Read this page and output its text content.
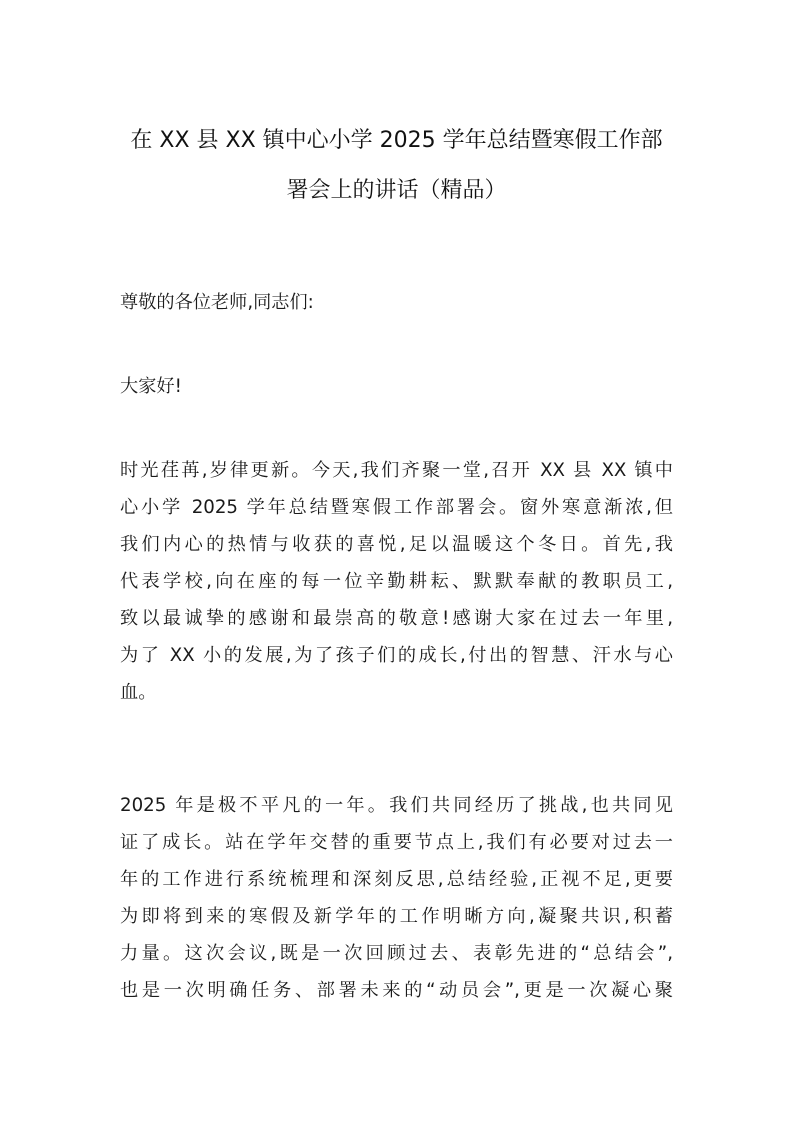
在 XX 县 XX 镇中心小学 2025 学年总结暨寒假工作部
署会上的讲话（精品）
尊敬的各位老师,同志们:
大家好!
时光荏苒,岁律更新。今天,我们齐聚一堂,召开 XX 县 XX 镇中
心小学 2025 学年总结暨寒假工作部署会。窗外寒意渐浓,但
我们内心的热情与收获的喜悦,足以温暖这个冬日。首先,我
代表学校,向在座的每一位辛勤耕耘、默默奉献的教职员工,
致以最诚挚的感谢和最崇高的敬意!感谢大家在过去一年里,
为了 XX 小的发展,为了孩子们的成长,付出的智慧、汗水与心
血。
2025 年是极不平凡的一年。我们共同经历了挑战,也共同见
证了成长。站在学年交替的重要节点上,我们有必要对过去一
年的工作进行系统梳理和深刻反思,总结经验,正视不足,更要
为即将到来的寒假及新学年的工作明晰方向,凝聚共识,积蓄
力量。这次会议,既是一次回顾过去、表彰先进的“总结会”,
也是一次明确任务、部署未来的“动员会”,更是一次凝心聚
